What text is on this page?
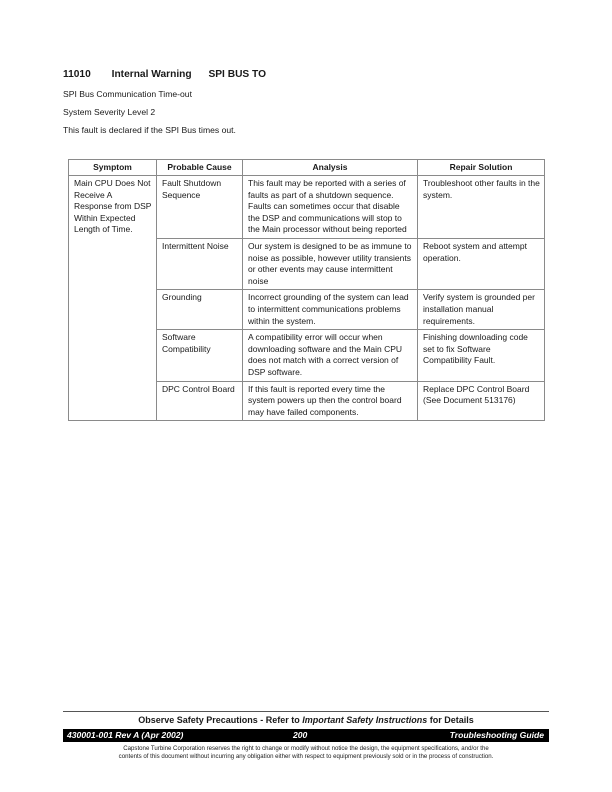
11010 Internal Warning SPI BUS TO
SPI Bus Communication Time-out
System Severity Level 2
This fault is declared if the SPI Bus times out.
Symptom	Probable Cause	Analysis	Repair Solution
Main CPU Does Not Receive A Response from DSP Within Expected Length of Time.	Fault Shutdown Sequence	This fault may be reported with a series of faults as part of a shutdown sequence. Faults can sometimes occur that disable the DSP and communications will stop to the Main processor without being reported	Troubleshoot other faults in the system.
	Intermittent Noise	Our system is designed to be as immune to noise as possible, however utility transients or other events may cause intermittent noise	Reboot system and attempt operation.
	Grounding	Incorrect grounding of the system can lead to intermittent communications problems within the system.	Verify system is grounded per installation manual requirements.
	Software Compatibility	A compatibility error will occur when downloading software and the Main CPU does not match with a correct version of DSP software.	Finishing downloading code set to fix Software Compatibility Fault.
	DPC Control Board	If this fault is reported every time the system powers up then the control board may have failed components.	Replace DPC Control Board (See Document 513176)
Observe Safety Precautions - Refer to Important Safety Instructions for Details
430001-001 Rev A (Apr 2002)	200	Troubleshooting Guide
Capstone Turbine Corporation reserves the right to change or modify without notice the design, the equipment specifications, and/or the
contents of this document without incurring any obligation either with respect to equipment previously sold or in the process of construction.
